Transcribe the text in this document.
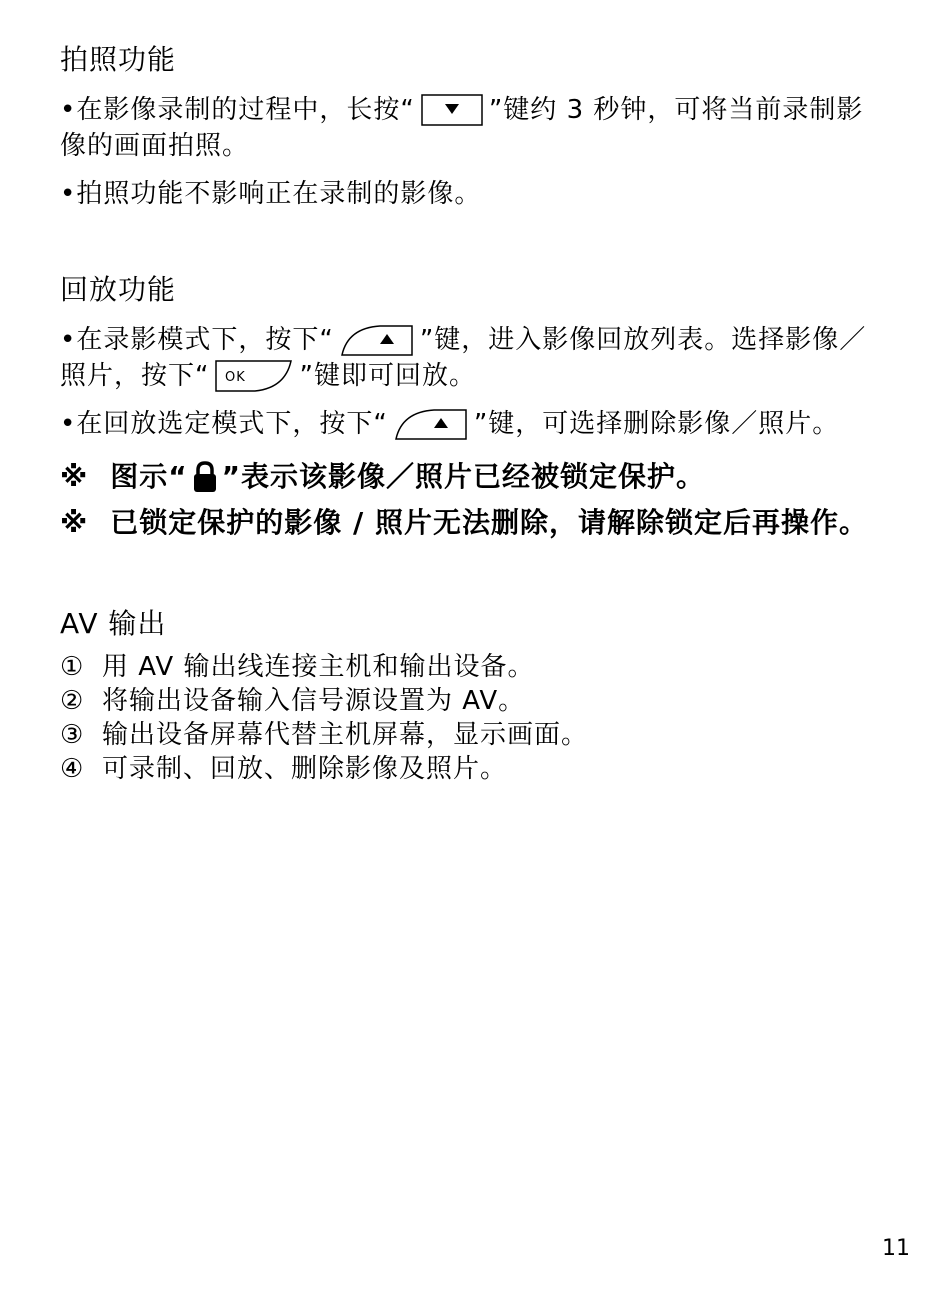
拍照功能

• 在影像录制的过程中，长按“	”键约 3 秒钟，可将当前录制影像的画面拍照。

• 拍照功能不影响正在录制的影像。

回放功能

• 在录影模式下，按下“	”键，进入影像回放列表。选择影像／照片，按下“ OK ”键即可回放。

• 在回放选定模式下，按下“	”键，可选择删除影像／照片。

※ 图示“ ”表示该影像／照片已经被锁定保护。

※ 已锁定保护的影像 / 照片无法删除，请解除锁定后再操作。

AV 输出

① 用 AV 输出线连接主机和输出设备。

② 将输出设备输入信号源设置为 AV。

③ 输出设备屏幕代替主机屏幕，显示画面。

④ 可录制、回放、删除影像及照片。

11
